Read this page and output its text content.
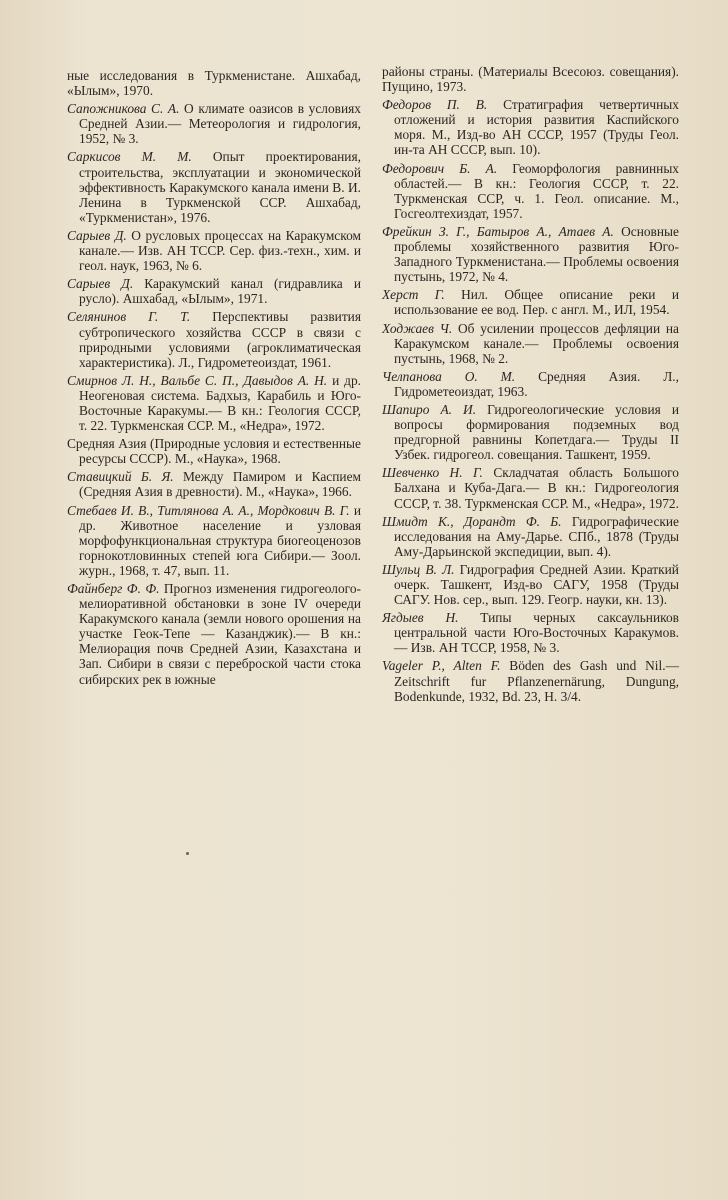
ные исследования в Туркменистане. Ашхабад, «Ылым», 1970.

Сапожникова С. А. О климате оазисов в условиях Средней Азии.— Метеорология и гидрология, 1952, № 3.

Саркисов М. М. Опыт проектирования, строительства, эксплуатации и экономической эффективность Каракумского канала имени В. И. Ленина в Туркменской ССР. Ашхабад, «Туркменистан», 1976.

Сарыев Д. О русловых процессах на Каракумском канале.— Изв. АН ТССР. Сер. физ.-техн., хим. и геол. наук, 1963, № 6.

Сарыев Д. Каракумский канал (гидравлика и русло). Ашхабад, «Ылым», 1971.

Селянинов Г. Т. Перспективы развития субтропического хозяйства СССР в связи с природными условиями (агроклиматическая характеристика). Л., Гидрометеоиздат, 1961.

Смирнов Л. Н., Вальбе С. П., Давыдов А. Н. и др. Неогеновая система. Бадхыз, Карабиль и Юго-Восточные Каракумы.— В кн.: Геология СССР, т. 22. Туркменская ССР. М., «Недра», 1972.

Средняя Азия (Природные условия и естественные ресурсы СССР). М., «Наука», 1968.

Ставицкий Б. Я. Между Памиром и Каспием (Средняя Азия в древности). М., «Наука», 1966.

Стебаев И. В., Титлянова А. А., Мордкович В. Г. и др. Животное население и узловая морфофункциональная структура биогеоценозов горнокотловинных степей юга Сибири.— Зоол. журн., 1968, т. 47, вып. 11.

Файнберг Ф. Ф. Прогноз изменения гидрогеолого-мелиоративной обстановки в зоне IV очереди Каракумского канала (земли нового орошения на участке Геок-Тепе — Казанджик).— В кн.: Мелиорация почв Средней Азии, Казахстана и Зап. Сибири в связи с переброской части стока сибирских рек в южные

районы страны. (Материалы Всесоюз. совещания). Пущино, 1973.

Федоров П. В. Стратиграфия четвертичных отложений и история развития Каспийского моря. М., Изд-во АН СССР, 1957 (Труды Геол. ин-та АН СССР, вып. 10).

Федорович Б. А. Геоморфология равнинных областей.— В кн.: Геология СССР, т. 22. Туркменская ССР, ч. 1. Геол. описание. М., Госгеолтехиздат, 1957.

Фрейкин З. Г., Батыров А., Атаев А. Основные проблемы хозяйственного развития Юго-Западного Туркменистана.— Проблемы освоения пустынь, 1972, № 4.

Херст Г. Нил. Общее описание реки и использование ее вод. Пер. с англ. М., ИЛ, 1954.

Ходжаев Ч. Об усилении процессов дефляции на Каракумском канале.— Проблемы освоения пустынь, 1968, № 2.

Челпанова О. М. Средняя Азия. Л., Гидрометеоиздат, 1963.

Шапиро А. И. Гидрогеологические условия и вопросы формирования подземных вод предгорной равнины Копетдага.— Труды II Узбек. гидрогеол. совещания. Ташкент, 1959.

Шевченко Н. Г. Складчатая область Большого Балхана и Куба-Дага.— В кн.: Гидрогеология СССР, т. 38. Туркменская ССР. М., «Недра», 1972.

Шмидт К., Дорандт Ф. Б. Гидрографические исследования на Аму-Дарье. СПб., 1878 (Труды Аму-Дарьинской экспедиции, вып. 4).

Шульц В. Л. Гидрография Средней Азии. Краткий очерк. Ташкент, Изд-во САГУ, 1958 (Труды САГУ. Нов. сер., вып. 129. Геогр. науки, кн. 13).

Ягдыев Н. Типы черных саксаульников центральной части Юго-Восточных Каракумов.— Изв. АН ТССР, 1958, № 3.

Vageler P., Alten F. Böden des Gash und Nil.— Zeitschrift fur Pflanzenernärung, Dungung, Bodenkunde, 1932, Bd. 23, H. 3/4.
